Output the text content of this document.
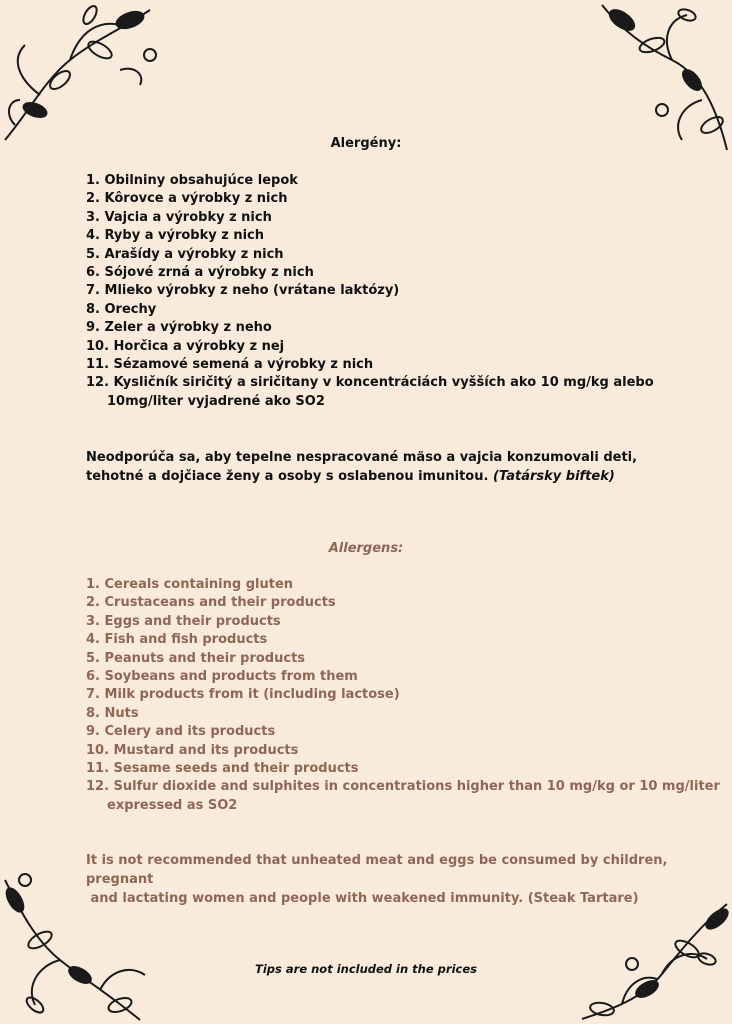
Alergény:
1. Obilniny obsahujúce lepok
2. Kôrovce a výrobky z nich
3. Vajcia a výrobky z nich
4. Ryby a výrobky z nich
5. Arašídy a výrobky z nich
6. Sójové zrná a výrobky z nich
7. Mlieko výrobky z neho (vrátane laktózy)
8. Orechy
9. Zeler a výrobky z neho
10. Horčica a výrobky z nej
11. Sézamové semená a výrobky z nich
12. Kysličník siričitý a siričitany v koncentráciách vyšších ako 10 mg/kg alebo
10mg/liter vyjadrené ako SO2
Neodporúča sa, aby tepelne nespracované mäso a vajcia konzumovali deti,
tehotné a dojčiace ženy a osoby s oslabenou imunitou. (Tatársky biftek)
Allergens:
1. Cereals containing gluten
2. Crustaceans and their products
3. Eggs and their products
4. Fish and fish products
5. Peanuts and their products
6. Soybeans and products from them
7. Milk products from it (including lactose)
8. Nuts
9. Celery and its products
10. Mustard and its products
11. Sesame seeds and their products
12. Sulfur dioxide and sulphites in concentrations higher than 10 mg/kg or 10 mg/liter
expressed as SO2
It is not recommended that unheated meat and eggs be consumed by children, pregnant
and lactating women and people with weakened immunity. (Steak Tartare)
Tips are not included in the prices
